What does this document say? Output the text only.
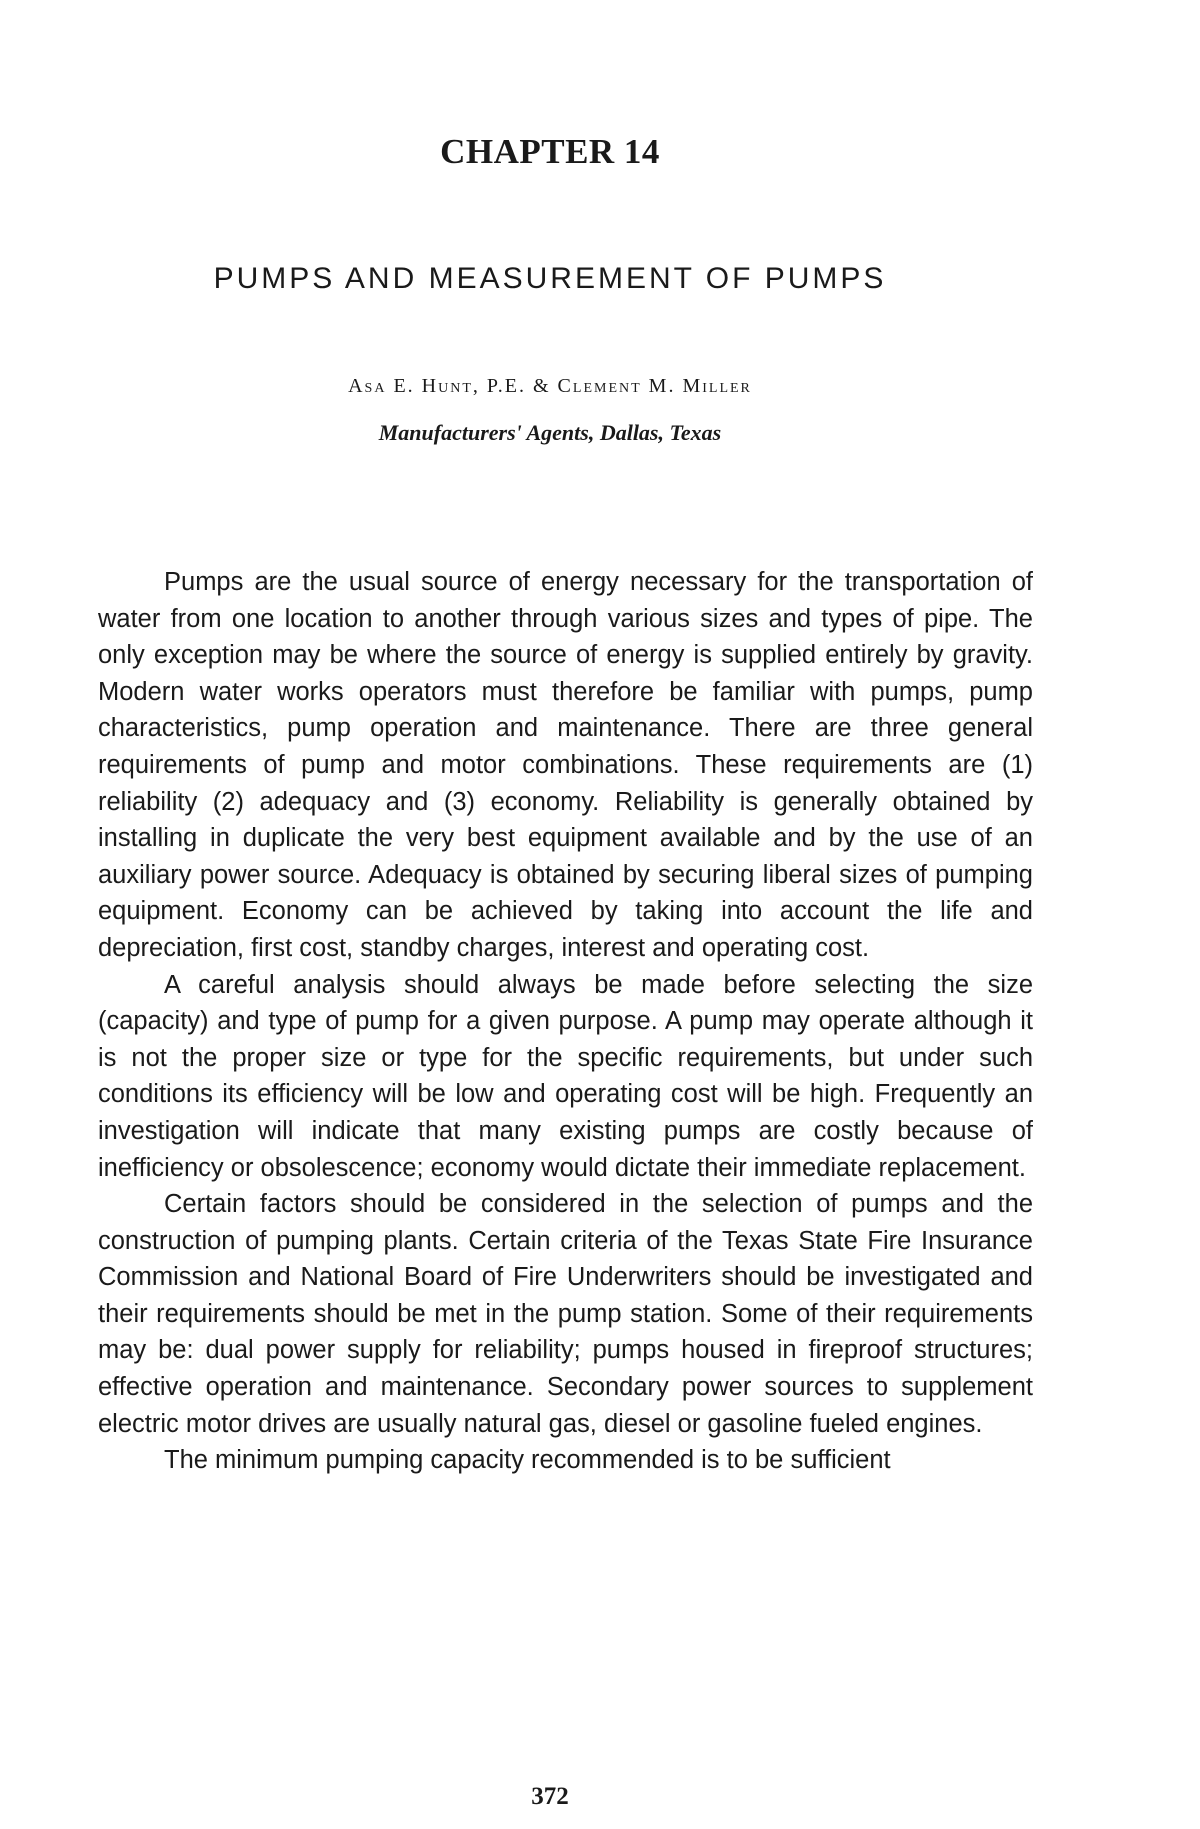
CHAPTER 14
PUMPS AND MEASUREMENT OF PUMPS
Asa E. Hunt, P.E. & Clement M. Miller
Manufacturers' Agents, Dallas, Texas

Pumps are the usual source of energy necessary for the transportation of water from one location to another through various sizes and types of pipe. The only exception may be where the source of energy is supplied entirely by gravity. Modern water works operators must therefore be familiar with pumps, pump characteristics, pump operation and maintenance. There are three general requirements of pump and motor combinations. These requirements are (1) reliability (2) adequacy and (3) economy. Reliability is generally obtained by installing in duplicate the very best equipment available and by the use of an auxiliary power source. Adequacy is obtained by securing liberal sizes of pumping equipment. Economy can be achieved by taking into account the life and depreciation, first cost, standby charges, interest and operating cost.

A careful analysis should always be made before selecting the size (capacity) and type of pump for a given purpose. A pump may operate although it is not the proper size or type for the specific requirements, but under such conditions its efficiency will be low and operating cost will be high. Frequently an investigation will indicate that many existing pumps are costly because of inefficiency or obsolescence; economy would dictate their immediate replacement.

Certain factors should be considered in the selection of pumps and the construction of pumping plants. Certain criteria of the Texas State Fire Insurance Commission and National Board of Fire Underwriters should be investigated and their requirements should be met in the pump station. Some of their requirements may be: dual power supply for reliability; pumps housed in fireproof structures; effective operation and maintenance. Secondary power sources to supplement electric motor drives are usually natural gas, diesel or gasoline fueled engines.

The minimum pumping capacity recommended is to be sufficient

372
